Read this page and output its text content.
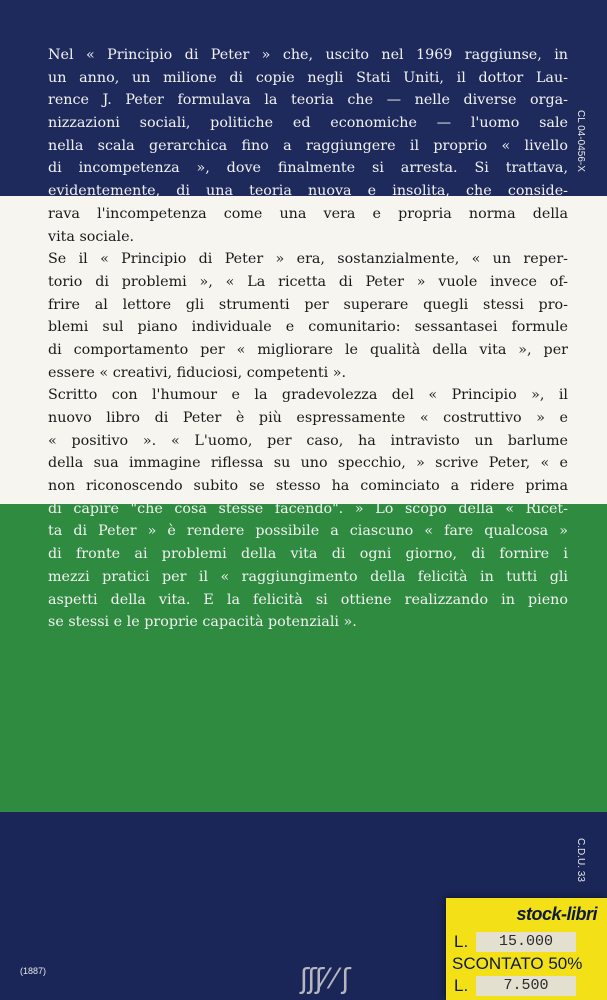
Nel « Principio di Peter » che, uscito nel 1969 raggiunse, in
un anno, un milione di copie negli Stati Uniti, il dottor Lau-
rence J. Peter formulava la teoria che — nelle diverse orga-
nizzazioni sociali, politiche ed economiche — l'uomo sale
nella scala gerarchica fino a raggiungere il proprio « livello
di incompetenza », dove finalmente si arresta. Si trattava,
evidentemente, di una teoria nuova e insolita, che conside-
rava l'incompetenza come una vera e propria norma della
vita sociale.
Se il « Principio di Peter » era, sostanzialmente, « un reper-
torio di problemi », « La ricetta di Peter » vuole invece of-
frire al lettore gli strumenti per superare quegli stessi pro-
blemi sul piano individuale e comunitario: sessantasei formule
di comportamento per « migliorare le qualità della vita », per
essere « creativi, fiduciosi, competenti ».
Scritto con l'humour e la gradevolezza del « Principio », il
nuovo libro di Peter è più espressamente « costruttivo » e
« positivo ». « L'uomo, per caso, ha intravisto un barlume
della sua immagine riflessa su uno specchio, » scrive Peter, « e
non riconoscendo subito se stesso ha cominciato a ridere prima
di capire "che cosa stesse facendo". » Lo scopo della « Ricet-
ta di Peter » è rendere possibile a ciascuno « fare qualcosa »
di fronte ai problemi della vita di ogni giorno, di fornire i
mezzi pratici per il « raggiungimento della felicità in tutti gli
aspetti della vita. E la felicità si ottiene realizzando in pieno
se stessi e le proprie capacità potenziali ».
CL 04-0456-X
C.D.U. 33
(1887)	ʃʃʃ⁄ ⁄ ʃ
stock-libri
L.	15.000
SCONTATO 50%
L.	7.500
